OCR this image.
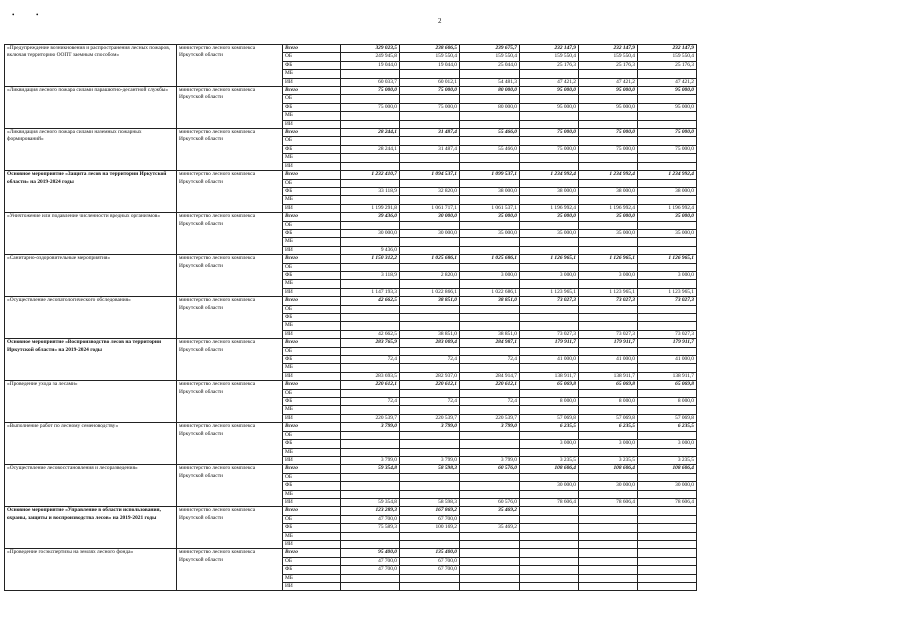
•	•
2
«Предупреждение возникновения и распространения лесных пожаров, включая территорию ООПТ заемным способом»	министерство лесного комплекса Иркутской области	Всего	329 023,5	238 606,5	239 675,7	232 147,9	232 147,9	232 147,9
		ОБ	249 945,8	159 550,4	159 550,4	159 550,4	159 550,4	159 550,4
		ФБ	19 044,0	19 044,0	25 044,0	25 176,3	25 176,3	25 176,3
		МБ						
		ИИ	60 033,7	60 012,1	54 481,3	47 421,2	47 421,2	47 421,2
«Ликвидация лесного пожара силами парашютно-десантной службы»	министерство лесного комплекса Иркутской области	Всего	75 000,0	75 000,0	80 000,0	95 000,0	95 000,0	95 000,0
		ОБ						
		ФБ	75 000,0	75 000,0	80 000,0	95 000,0	95 000,0	95 000,0
		МБ						
		ИИ						
«Ликвидация лесного пожара силами наземных пожарных формирований»	министерство лесного комплекса Иркутской области	Всего	28 244,1	31 487,4	55 466,0	75 000,0	75 000,0	75 000,0
		ОБ						
		ФБ	28 244,1	31 487,4	55 466,0	75 000,0	75 000,0	75 000,0
		МБ						
		ИИ						
Основное мероприятие «Защита лесов на территории Иркутской области» на 2019-2024 годы	министерство лесного комплекса Иркутской области	Всего	1 232 410,7	1 094 537,1	1 099 537,1	1 234 992,4	1 234 992,4	1 234 992,4
		ОБ						
		ФБ	33 118,9	32 820,0	38 000,0	38 000,0	38 000,0	38 000,0
		МБ						
		ИИ	1 199 291,8	1 061 717,1	1 061 537,1	1 196 992,4	1 196 992,4	1 196 992,4
«Уничтожение или подавление численности вредных организмов»	министерство лесного комплекса Иркутской области	Всего	39 436,0	30 000,0	35 000,0	35 000,0	35 000,0	35 000,0
		ОБ						
		ФБ	30 000,0	30 000,0	35 000,0	35 000,0	35 000,0	35 000,0
		МБ						
		ИИ	9 436,0					
«Санитарно-оздоровительные мероприятия»	министерство лесного комплекса Иркутской области	Всего	1 150 312,2	1 025 686,1	1 025 686,1	1 126 965,1	1 126 965,1	1 126 965,1
		ОБ						
		ФБ	3 118,9	2 820,0	3 000,0	3 000,0	3 000,0	3 000,0
		МБ						
		ИИ	1 147 193,3	1 022 866,1	1 022 686,1	1 123 965,1	1 123 965,1	1 123 965,1
«Осуществление лесопатологического обследования»	министерство лесного комплекса Иркутской области	Всего	42 662,5	38 851,0	38 851,0	73 027,3	73 027,3	73 027,3
		ОБ						
		ФБ						
		МБ						
		ИИ	42 662,5	38 851,0	38 851,0	73 027,3	73 027,3	73 027,3
Основное мероприятие «Воспроизводство лесов на территории Иркутской области» на 2019-2024 годы	министерство лесного комплекса Иркутской области	Всего	283 765,9	283 009,4	284 987,1	179 911,7	179 911,7	179 911,7
		ОБ						
		ФБ	72,4	72,4	72,4	41 000,0	41 000,0	41 000,0
		МБ						
		ИИ	283 693,5	282 937,0	284 914,7	138 911,7	138 911,7	138 911,7
«Проведение ухода за лесами»	министерство лесного комплекса Иркутской области	Всего	220 612,1	220 612,1	220 612,1	65 069,8	65 069,8	65 069,8
		ОБ						
		ФБ	72,4	72,4	72,4	8 000,0	8 000,0	8 000,0
		МБ						
		ИИ	220 539,7	220 539,7	220 539,7	57 069,8	57 069,8	57 069,8
«Выполнение работ по лесному семеноводству»	министерство лесного комплекса Иркутской области	Всего	3 799,0	3 799,0	3 799,0	6 235,5	6 235,5	6 235,5
		ОБ						
		ФБ				3 000,0	3 000,0	3 000,0
		МБ						
		ИИ	3 799,0	3 799,0	3 799,0	3 235,5	3 235,5	3 235,5
«Осуществление лесовосстановления и лесоразведения»	министерство лесного комплекса Иркутской области	Всего	59 354,8	58 598,3	60 576,0	108 606,4	108 606,4	108 606,4
		ОБ						
		ФБ				30 000,0	30 000,0	30 000,0
		МБ						
		ИИ	59 354,8	58 598,3	60 576,0	78 606,4	78 606,4	78 606,4
Основное мероприятие «Управление в области использования, охраны, защиты и воспроизводства лесов» на 2019-2021 годы	министерство лесного комплекса Иркутской области	Всего	123 289,3	167 869,2	35 469,2			
		ОБ	47 700,0	67 700,0				
		ФБ	75 589,3	100 169,2	35 469,2			
		МБ						
		ИИ						
«Проведение госэкспертизы на землях лесного фонда»	министерство лесного комплекса Иркутской области	Всего	95 400,0	135 400,0				
		ОБ	47 700,0	67 700,0				
		ФБ	47 700,0	67 700,0				
		МБ						
		ИИ						
